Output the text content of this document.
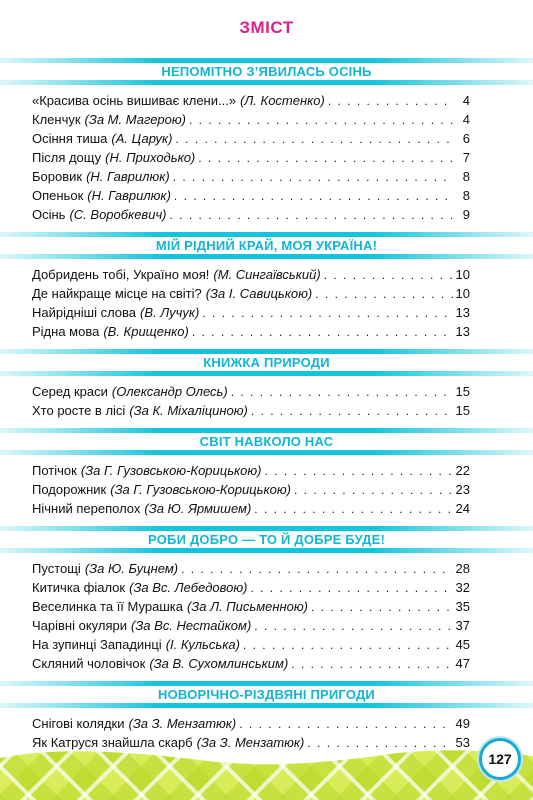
ЗМІСТ
НЕПОМІТНО З’ЯВИЛАСЬ ОСІНЬ
«Красива осінь вишиває клени...» (Л. Костенко) . . .	4
Кленчук (За М. Магерою) . . .	4
Осіння тиша (А. Царук) . . .	6
Після дощу (Н. Приходько) . . .	7
Боровик (Н. Гаврилюк) . . .	8
Опеньок (Н. Гаврилюк) . . .	8
Осінь (С. Воробкевич) . . .	9
МІЙ РІДНИЙ КРАЙ, МОЯ УКРАЇНА!
Добридень тобі, Україно моя! (М. Сингаївський) . . .	10
Де найкраще місце на світі? (За І. Савицькою) . . .	10
Найрідніші слова (В. Лучук) . . .	13
Рідна мова (В. Крищенко) . . .	13
КНИЖКА ПРИРОДИ
Серед краси (Олександр Олесь) . . .	15
Хто росте в лісі (За К. Міхаліциною) . . .	15
СВІТ НАВКОЛО НАС
Потічок (За Г. Гузовською-Корицькою) . . .	22
Подорожник (За Г. Гузовською-Корицькою) . . .	23
Нічний переполох (За Ю. Ярмишем) . . .	24
РОБИ ДОБРО — ТО Й ДОБРЕ БУДЕ!
Пустощі (За Ю. Буцнем) . . .	28
Китичка фіалок (За Вс. Лебедовою) . . .	32
Веселинка та її Мурашка (За Л. Письменною) . . .	35
Чарівні окуляри (За Вс. Нестайком) . . .	37
На зупинці Западинці (І. Кульська) . . .	45
Скляний чоловічок (За В. Сухомлинським) . . .	47
НОВОРІЧНО-РІЗДВЯНІ ПРИГОДИ
Снігові колядки (За З. Мензатюк) . . .	49
Як Катруся знайшла скарб (За З. Мензатюк) . . .	53
127
